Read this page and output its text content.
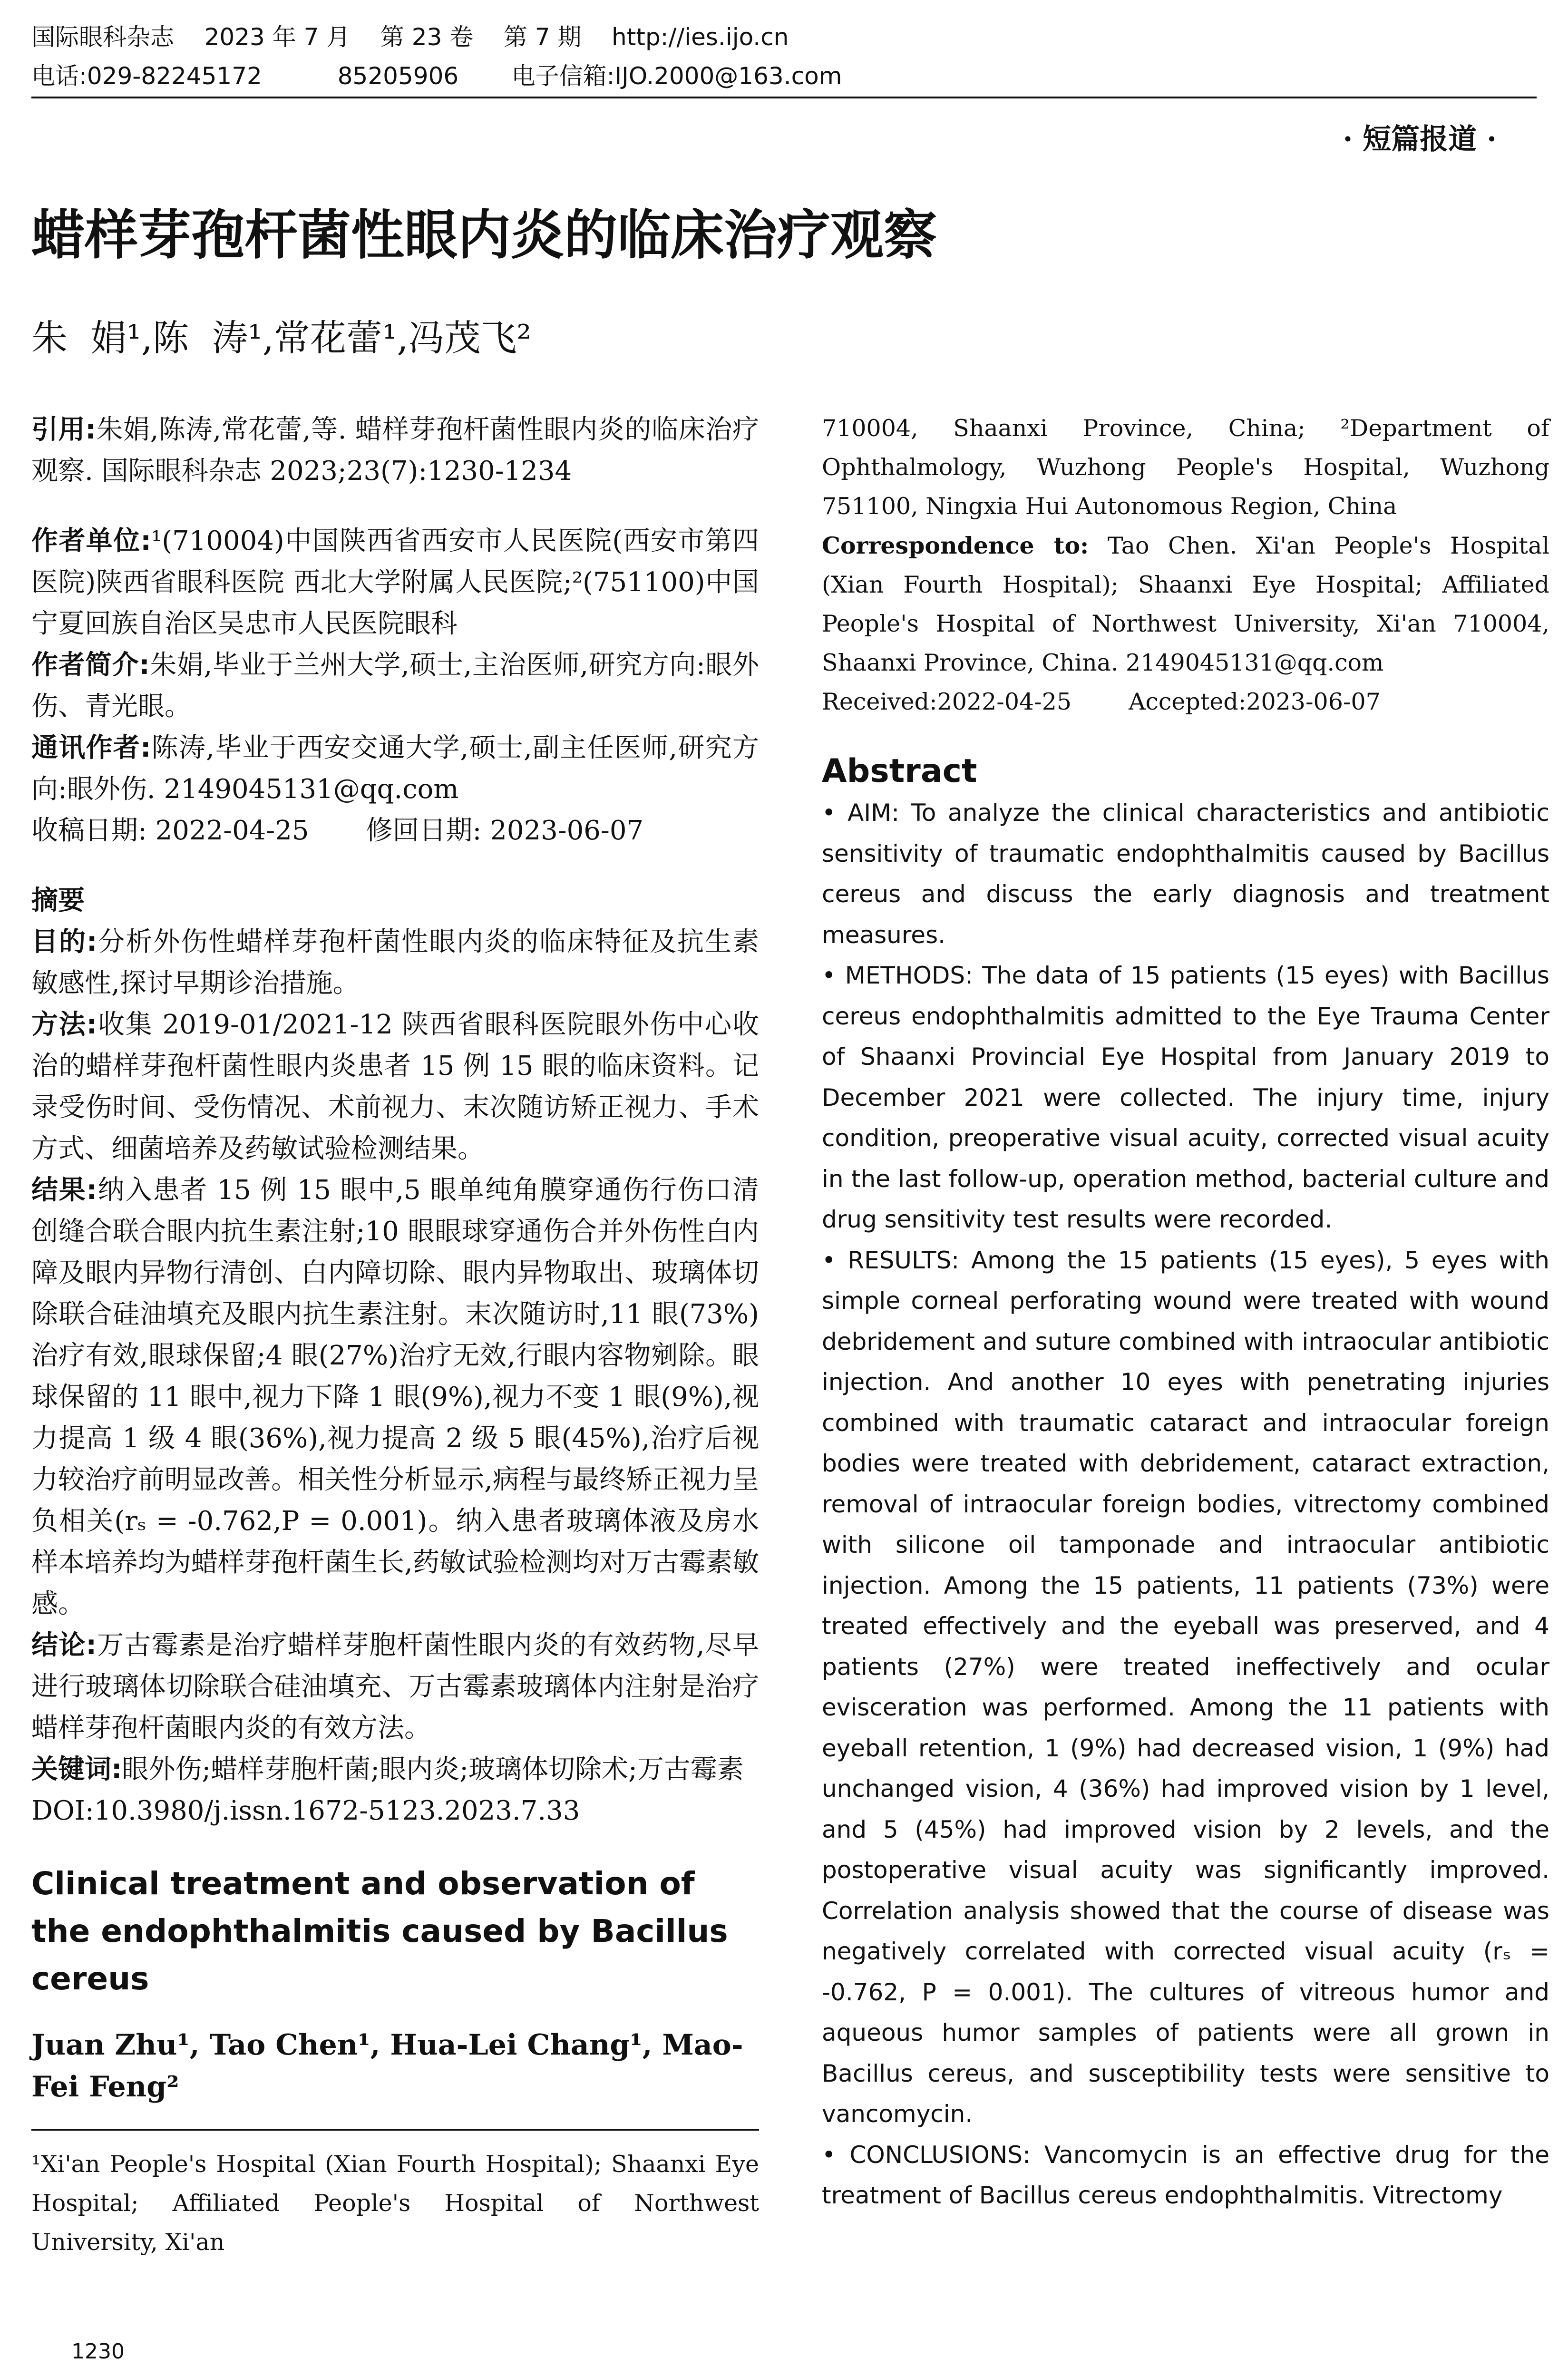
国际眼科杂志    2023 年 7 月    第 23 卷    第 7 期    http://ies.ijo.cn
电话:029-82245172          85205906       电子信箱:IJO.2000@163.com
· 短篇报道 ·
蜡样芽孢杆菌性眼内炎的临床治疗观察
朱  娟¹,陈  涛¹,常花蕾¹,冯茂飞²

引用:朱娟,陈涛,常花蕾,等. 蜡样芽孢杆菌性眼内炎的临床治疗观察. 国际眼科杂志 2023;23(7):1230-1234

作者单位:¹(710004)中国陕西省西安市人民医院(西安市第四医院)陕西省眼科医院 西北大学附属人民医院;²(751100)中国宁夏回族自治区吴忠市人民医院眼科

作者简介:朱娟,毕业于兰州大学,硕士,主治医师,研究方向:眼外伤、青光眼。

通讯作者:陈涛,毕业于西安交通大学,硕士,副主任医师,研究方向:眼外伤. 2149045131@qq.com

收稿日期: 2022-04-25 修回日期: 2023-06-07

摘要

目的:分析外伤性蜡样芽孢杆菌性眼内炎的临床特征及抗生素敏感性,探讨早期诊治措施。

方法:收集 2019-01/2021-12 陕西省眼科医院眼外伤中心收治的蜡样芽孢杆菌性眼内炎患者 15 例 15 眼的临床资料。记录受伤时间、受伤情况、术前视力、末次随访矫正视力、手术方式、细菌培养及药敏试验检测结果。

结果:纳入患者 15 例 15 眼中,5 眼单纯角膜穿通伤行伤口清创缝合联合眼内抗生素注射;10 眼眼球穿通伤合并外伤性白内障及眼内异物行清创、白内障切除、眼内异物取出、玻璃体切除联合硅油填充及眼内抗生素注射。末次随访时,11 眼(73%)治疗有效,眼球保留;4 眼(27%)治疗无效,行眼内容物剜除。眼球保留的 11 眼中,视力下降 1 眼(9%),视力不变 1 眼(9%),视力提高 1 级 4 眼(36%),视力提高 2 级 5 眼(45%),治疗后视力较治疗前明显改善。相关性分析显示,病程与最终矫正视力呈负相关(rₛ = -0.762,P = 0.001)。纳入患者玻璃体液及房水样本培养均为蜡样芽孢杆菌生长,药敏试验检测均对万古霉素敏感。

结论:万古霉素是治疗蜡样芽胞杆菌性眼内炎的有效药物,尽早进行玻璃体切除联合硅油填充、万古霉素玻璃体内注射是治疗蜡样芽孢杆菌眼内炎的有效方法。

关键词:眼外伤;蜡样芽胞杆菌;眼内炎;玻璃体切除术;万古霉素

DOI:10.3980/j.issn.1672-5123.2023.7.33

Clinical treatment and observation of the endophthalmitis caused by Bacillus cereus

Juan Zhu¹, Tao Chen¹, Hua-Lei Chang¹, Mao-Fei Feng²

¹Xi'an People's Hospital (Xian Fourth Hospital); Shaanxi Eye Hospital; Affiliated People's Hospital of Northwest University, Xi'an

710004, Shaanxi Province, China; ²Department of Ophthalmology, Wuzhong People's Hospital, Wuzhong 751100, Ningxia Hui Autonomous Region, China

Correspondence to: Tao Chen. Xi'an People's Hospital (Xian Fourth Hospital); Shaanxi Eye Hospital; Affiliated People's Hospital of Northwest University, Xi'an 710004, Shaanxi Province, China. 2149045131@qq.com

Received:2022-04-25 Accepted:2023-06-07

Abstract

• AIM: To analyze the clinical characteristics and antibiotic sensitivity of traumatic endophthalmitis caused by Bacillus cereus and discuss the early diagnosis and treatment measures.

• METHODS: The data of 15 patients (15 eyes) with Bacillus cereus endophthalmitis admitted to the Eye Trauma Center of Shaanxi Provincial Eye Hospital from January 2019 to December 2021 were collected. The injury time, injury condition, preoperative visual acuity, corrected visual acuity in the last follow-up, operation method, bacterial culture and drug sensitivity test results were recorded.

• RESULTS: Among the 15 patients (15 eyes), 5 eyes with simple corneal perforating wound were treated with wound debridement and suture combined with intraocular antibiotic injection. And another 10 eyes with penetrating injuries combined with traumatic cataract and intraocular foreign bodies were treated with debridement, cataract extraction, removal of intraocular foreign bodies, vitrectomy combined with silicone oil tamponade and intraocular antibiotic injection. Among the 15 patients, 11 patients (73%) were treated effectively and the eyeball was preserved, and 4 patients (27%) were treated ineffectively and ocular evisceration was performed. Among the 11 patients with eyeball retention, 1 (9%) had decreased vision, 1 (9%) had unchanged vision, 4 (36%) had improved vision by 1 level, and 5 (45%) had improved vision by 2 levels, and the postoperative visual acuity was significantly improved. Correlation analysis showed that the course of disease was negatively correlated with corrected visual acuity (rₛ = -0.762, P = 0.001). The cultures of vitreous humor and aqueous humor samples of patients were all grown in Bacillus cereus, and susceptibility tests were sensitive to vancomycin.

• CONCLUSIONS: Vancomycin is an effective drug for the treatment of Bacillus cereus endophthalmitis. Vitrectomy

1230
